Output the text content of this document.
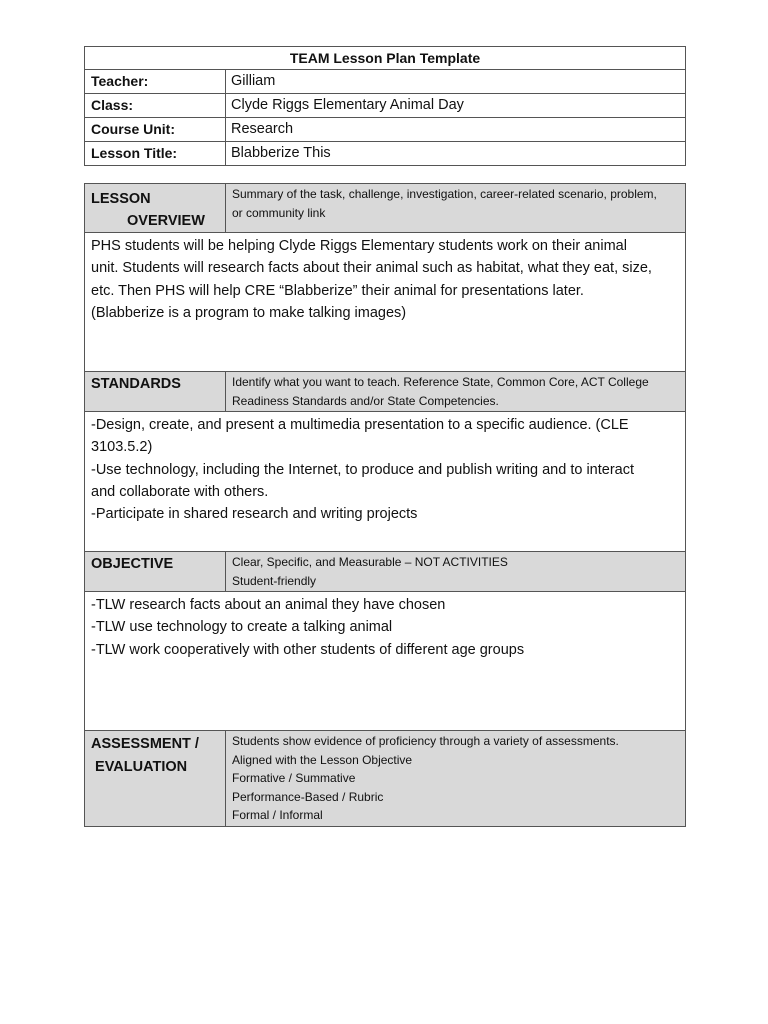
TEAM Lesson Plan Template	
Teacher:	Gilliam
Class:	Clyde Riggs Elementary Animal Day
Course Unit:	Research
Lesson Title:	Blabberize This
LESSON
OVERVIEW	Summary of the task, challenge, investigation, career-related scenario, problem,
or community link

PHS students will be helping Clyde Riggs Elementary students work on their animal
unit. Students will research facts about their animal such as habitat, what they eat, size,
etc. Then PHS will help CRE “Blabberize” their animal for presentations later.
(Blabberize is a program to make talking images)	

STANDARDS	Identify what you want to teach. Reference State, Common Core, ACT College
Readiness Standards and/or State Competencies.

-Design, create, and present a multimedia presentation to a specific audience. (CLE
3103.5.2)
-Use technology, including the Internet, to produce and publish writing and to interact
and collaborate with others.
-Participate in shared research and writing projects	

OBJECTIVE	Clear, Specific, and Measurable – NOT ACTIVITIES
Student-friendly

-TLW research facts about an animal they have chosen
-TLW use technology to create a talking animal
-TLW work cooperatively with other students of different age groups	

ASSESSMENT /
EVALUATION	Students show evidence of proficiency through a variety of assessments.
Aligned with the Lesson Objective
Formative / Summative
Performance-Based / Rubric
Formal / Informal
